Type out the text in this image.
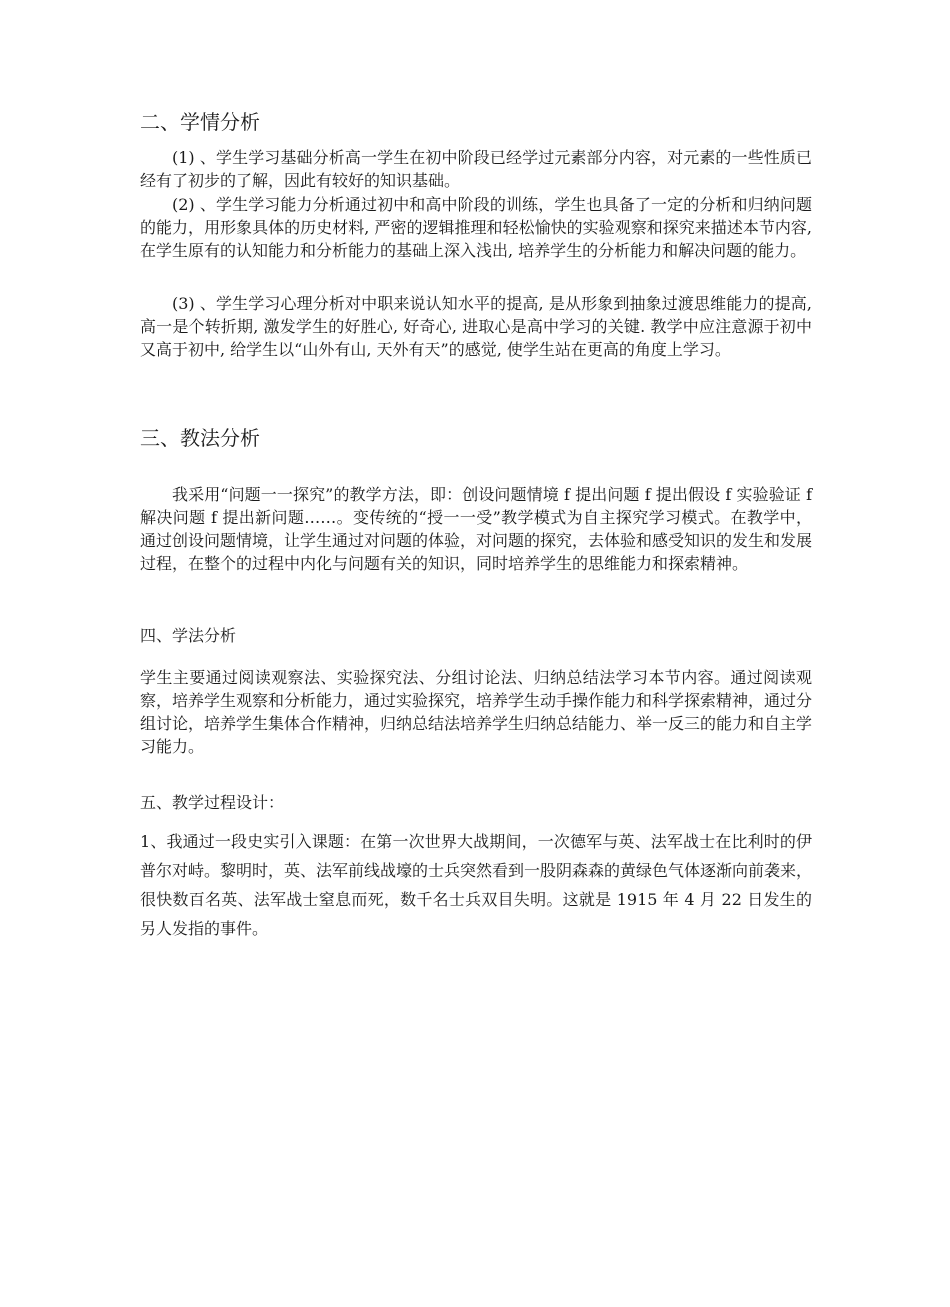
二、学情分析

(1) 、学生学习基础分析高一学生在初中阶段已经学过元素部分内容，对元素的一些性质已经有了初步的了解，因此有较好的知识基础。

(2) 、学生学习能力分析通过初中和高中阶段的训练，学生也具备了一定的分析和归纳问题的能力，用形象具体的历史材料, 严密的逻辑推理和轻松愉快的实验观察和探究来描述本节内容, 在学生原有的认知能力和分析能力的基础上深入浅出, 培养学生的分析能力和解决问题的能力。

(3) 、学生学习心理分析对中职来说认知水平的提高, 是从形象到抽象过渡思维能力的提高, 高一是个转折期, 激发学生的好胜心, 好奇心, 进取心是高中学习的关键. 教学中应注意源于初中又高于初中, 给学生以“山外有山, 天外有天”的感觉, 使学生站在更高的角度上学习。

三、教法分析

我采用“问题一一探究”的教学方法，即：创设问题情境 f 提出问题 f 提出假设 f 实验验证 f 解决问题 f 提出新问题……。变传统的“授一一受”教学模式为自主探究学习模式。在教学中，通过创设问题情境，让学生通过对问题的体验，对问题的探究，去体验和感受知识的发生和发展过程，在整个的过程中内化与问题有关的知识，同时培养学生的思维能力和探索精神。

四、学法分析

学生主要通过阅读观察法、实验探究法、分组讨论法、归纳总结法学习本节内容。通过阅读观察，培养学生观察和分析能力，通过实验探究，培养学生动手操作能力和科学探索精神，通过分组讨论，培养学生集体合作精神，归纳总结法培养学生归纳总结能力、举一反三的能力和自主学习能力。

五、教学过程设计：

1、我通过一段史实引入课题：在第一次世界大战期间，一次德军与英、法军战士在比利时的伊普尔对峙。黎明时，英、法军前线战壕的士兵突然看到一股阴森森的黄绿色气体逐渐向前袭来，很快数百名英、法军战士窒息而死，数千名士兵双目失明。这就是 1915 年 4 月 22 日发生的另人发指的事件。
